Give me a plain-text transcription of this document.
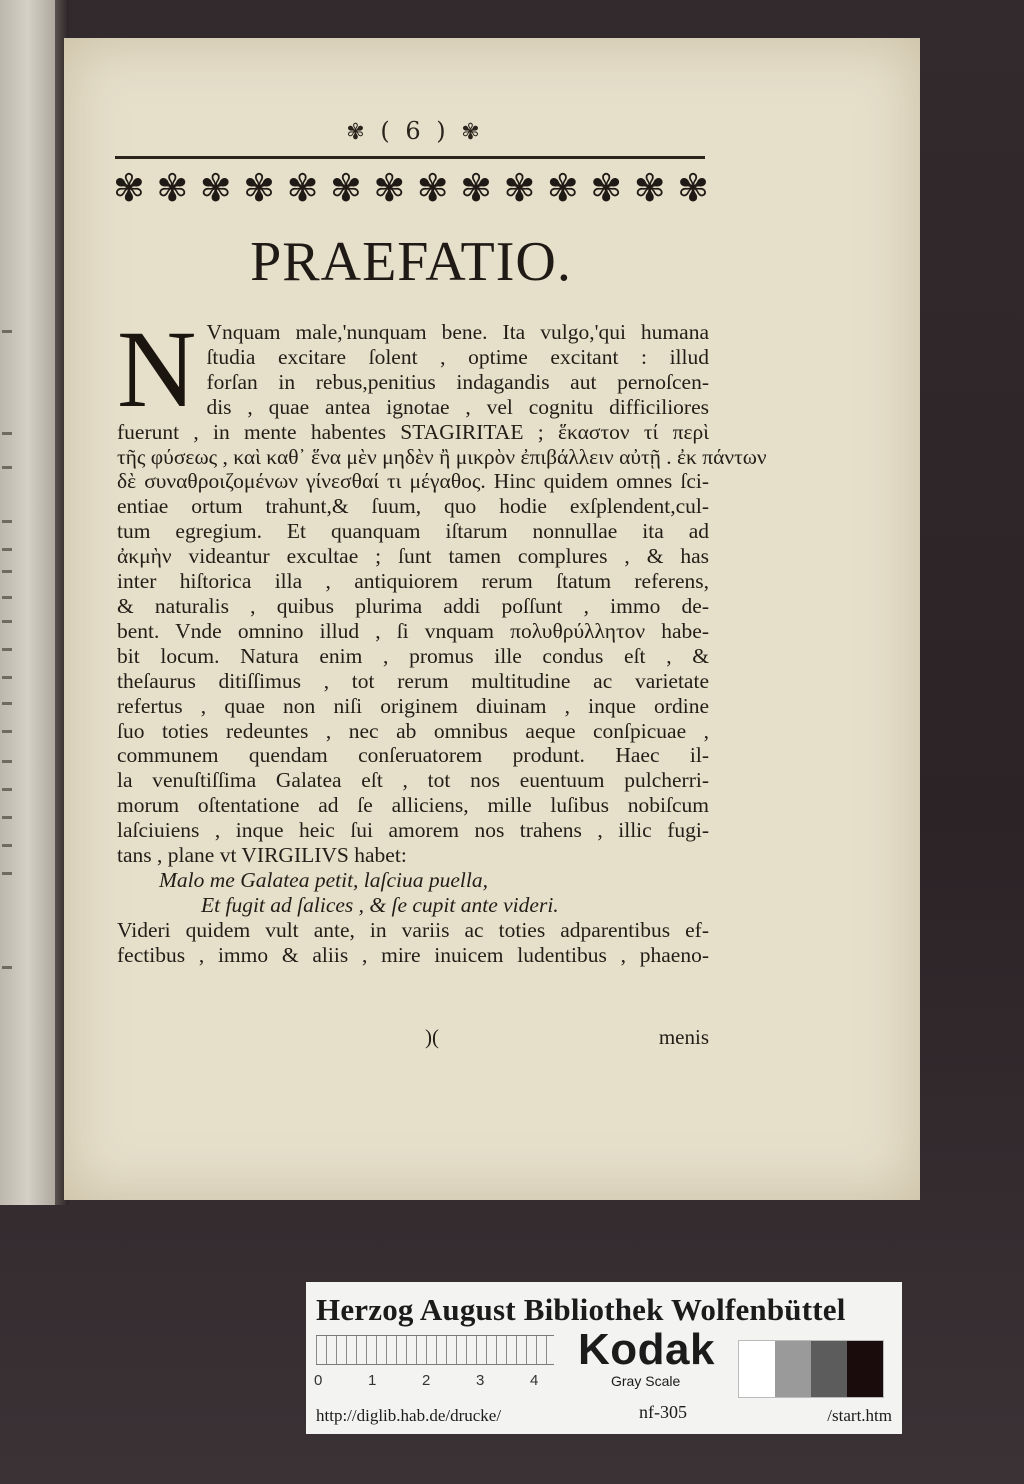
✾ ( 6 ) ✾
✾ ✾ ✾ ✾ ✾ ✾ ✾ ✾ ✾ ✾ ✾ ✾ ✾ ✾
PRAEFATIO.
N Vnquam male,'nunquam bene. Ita vulgo,'qui humana
ſtudia excitare ſolent , optime excitant : illud
forſan in rebus,penitius indagandis aut pernoſcen-
dis , quae antea ignotae , vel cognitu difficiliores
fuerunt , in mente habentes STAGIRITAE ; ἕκαστον τί περὶ
τῆς φύσεως , καὶ καθ᾽ ἕνα μὲν μηδὲν ἢ μικρὸν ἐπιβάλλειν αὐτῇ . ἐκ πάντων
δὲ συναθροιζομένων γίνεσθαί τι μέγαθος. Hinc quidem omnes ſci-
entiae ortum trahunt,& ſuum, quo hodie exſplendent,cul-
tum egregium. Et quanquam iſtarum nonnullae ita ad
ἀκμὴν videantur excultae ; ſunt tamen complures , & has
inter hiſtorica illa , antiquiorem rerum ſtatum referens,
& naturalis , quibus plurima addi poſſunt , immo de-
bent. Vnde omnino illud , ſi vnquam πολυθρύλλητον habe-
bit locum. Natura enim , promus ille condus eſt , &
theſaurus ditiſſimus , tot rerum multitudine ac varietate
refertus , quae non niſi originem diuinam , inque ordine
ſuo toties redeuntes , nec ab omnibus aeque conſpicuae ,
communem quendam conſeruatorem produnt. Haec il-
la venuſtiſſima Galatea eſt , tot nos euentuum pulcherri-
morum oſtentatione ad ſe alliciens, mille luſibus nobiſcum
laſciuiens , inque heic ſui amorem nos trahens , illic fugi-
tans , plane vt VIRGILIVS habet:
Malo me Galatea petit, laſciua puella,
Et fugit ad ſalices , & ſe cupit ante videri.
Videri quidem vult ante, in variis ac toties adparentibus ef-
fectibus , immo & aliis , mire inuicem ludentibus , phaeno-
)(	menis
Herzog August Bibliothek Wolfenbüttel
0	1	2	3	4
Kodak
Gray Scale
http://diglib.hab.de/drucke/	nf-305	/start.htm
